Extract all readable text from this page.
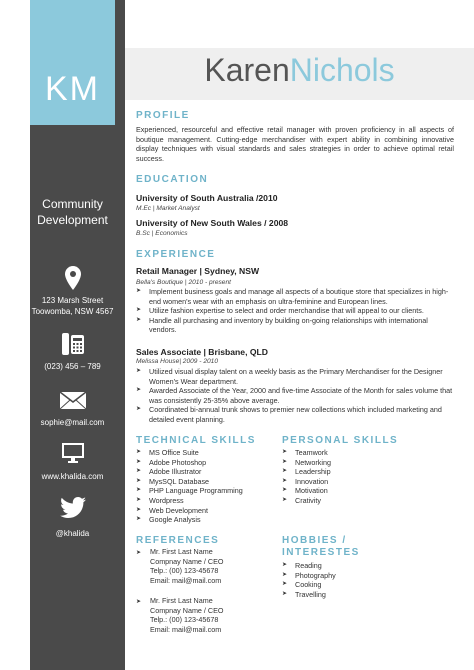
KM
Community Development
KarenNichols
123 Marsh Street
Toowomba, NSW 4567
(023) 456 – 789
sophie@mail.com
www.khalida.com
@khalida
PROFILE
Experienced, resourceful and effective retail manager with proven proficiency in all aspects of boutique management. Cutting-edge merchandiser with expert ability in combining innovative display techniques with visual standards and sales strategies in order to achieve optimal retail success.
EDUCATION
University of South Australia /2010
M.Ec | Market Analyst
University of New South Wales / 2008
B.Sc | Economics
EXPERIENCE
Retail Manager | Sydney, NSW
Bella's Boutique | 2010 - present
➤ Implement business goals and manage all aspects of a boutique store that specializes in high-end women's wear with an emphasis on ultra-feminine and European lines.
➤ Utilize fashion expertise to select and order merchandise that will appeal to our clients.
➤ Handle all purchasing and inventory by building on-going relationships with international vendors.
Sales Associate | Brisbane, QLD
Melissa House| 2009 - 2010
➤ Utilized visual display talent on a weekly basis as the Primary Merchandiser for the Designer Women's Wear department.
➤ Awarded Associate of the Year, 2000 and five-time Associate of the Month for sales volume that was consistently 25-35% above average.
➤ Coordinated bi-annual trunk shows to premier new collections which included marketing and detailed event planning.
TECHNICAL SKILLS
➤ MS Office Suite
➤ Adobe Photoshop
➤ Adobe Illustrator
➤ MysSQL Database
➤ PHP Language Programming
➤ Wordpress
➤ Web Development
➤ Google Analysis
PERSONAL SKILLS
➤ Teamwork
➤ Networking
➤ Leadership
➤ Innovation
➤ Motivation
➤ Crativity
REFERENCES
➤ Mr. First Last Name
Compnay Name / CEO
Telp.: (00) 123-45678
Email: mail@mail.com
➤ Mr. First Last Name
Compnay Name / CEO
Telp.: (00) 123-45678
Email: mail@mail.com
HOBBIES /
INTERESTES
➤ Reading
➤ Photography
➤ Cooking
➤ Travelling
